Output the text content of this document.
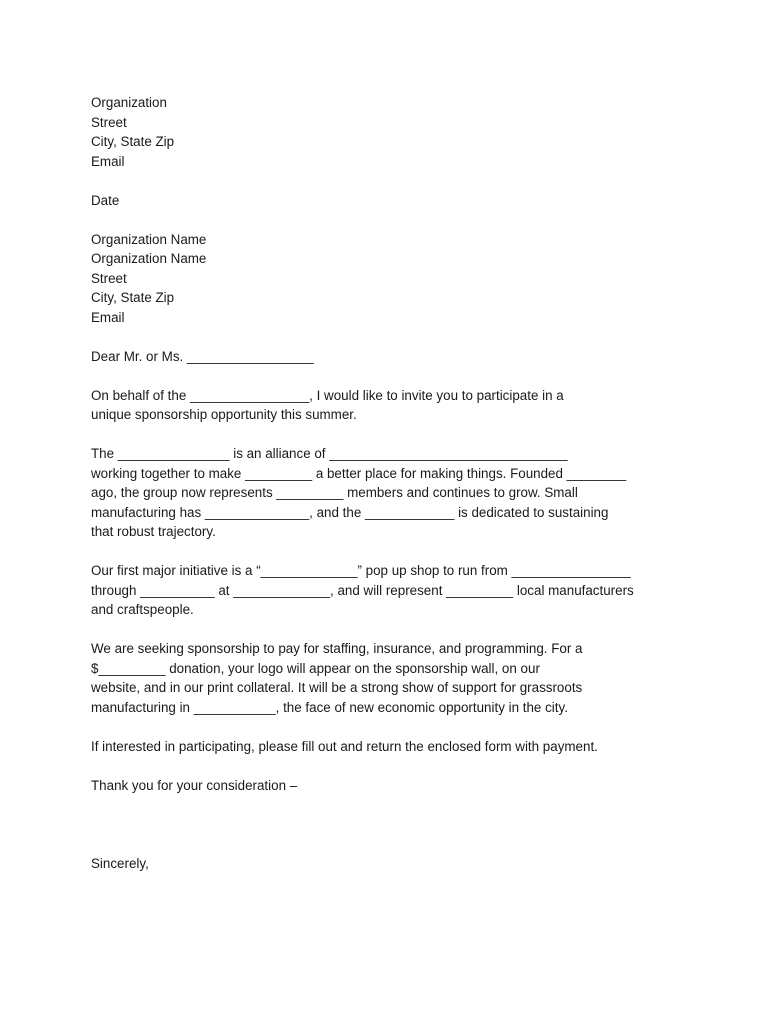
Organization
Street
City, State Zip
Email
Date
Organization Name
Organization Name
Street
City, State Zip
Email
Dear Mr. or Ms. _________________
On behalf of the ________________, I would like to invite you to participate in a
unique sponsorship opportunity this summer.
The _______________ is an alliance of ________________________________
working together to make _________ a better place for making things. Founded ________
ago, the group now represents _________ members and continues to grow. Small
manufacturing has ______________, and the ____________ is dedicated to sustaining
that robust trajectory.
Our first major initiative is a “_____________” pop up shop to run from ________________
through __________ at _____________, and will represent _________ local manufacturers
and craftspeople.
We are seeking sponsorship to pay for staffing, insurance, and programming. For a
$_________ donation, your logo will appear on the sponsorship wall, on our
website, and in our print collateral. It will be a strong show of support for grassroots
manufacturing in ___________, the face of new economic opportunity in the city.
If interested in participating, please fill out and return the enclosed form with payment.
Thank you for your consideration –
Sincerely,
